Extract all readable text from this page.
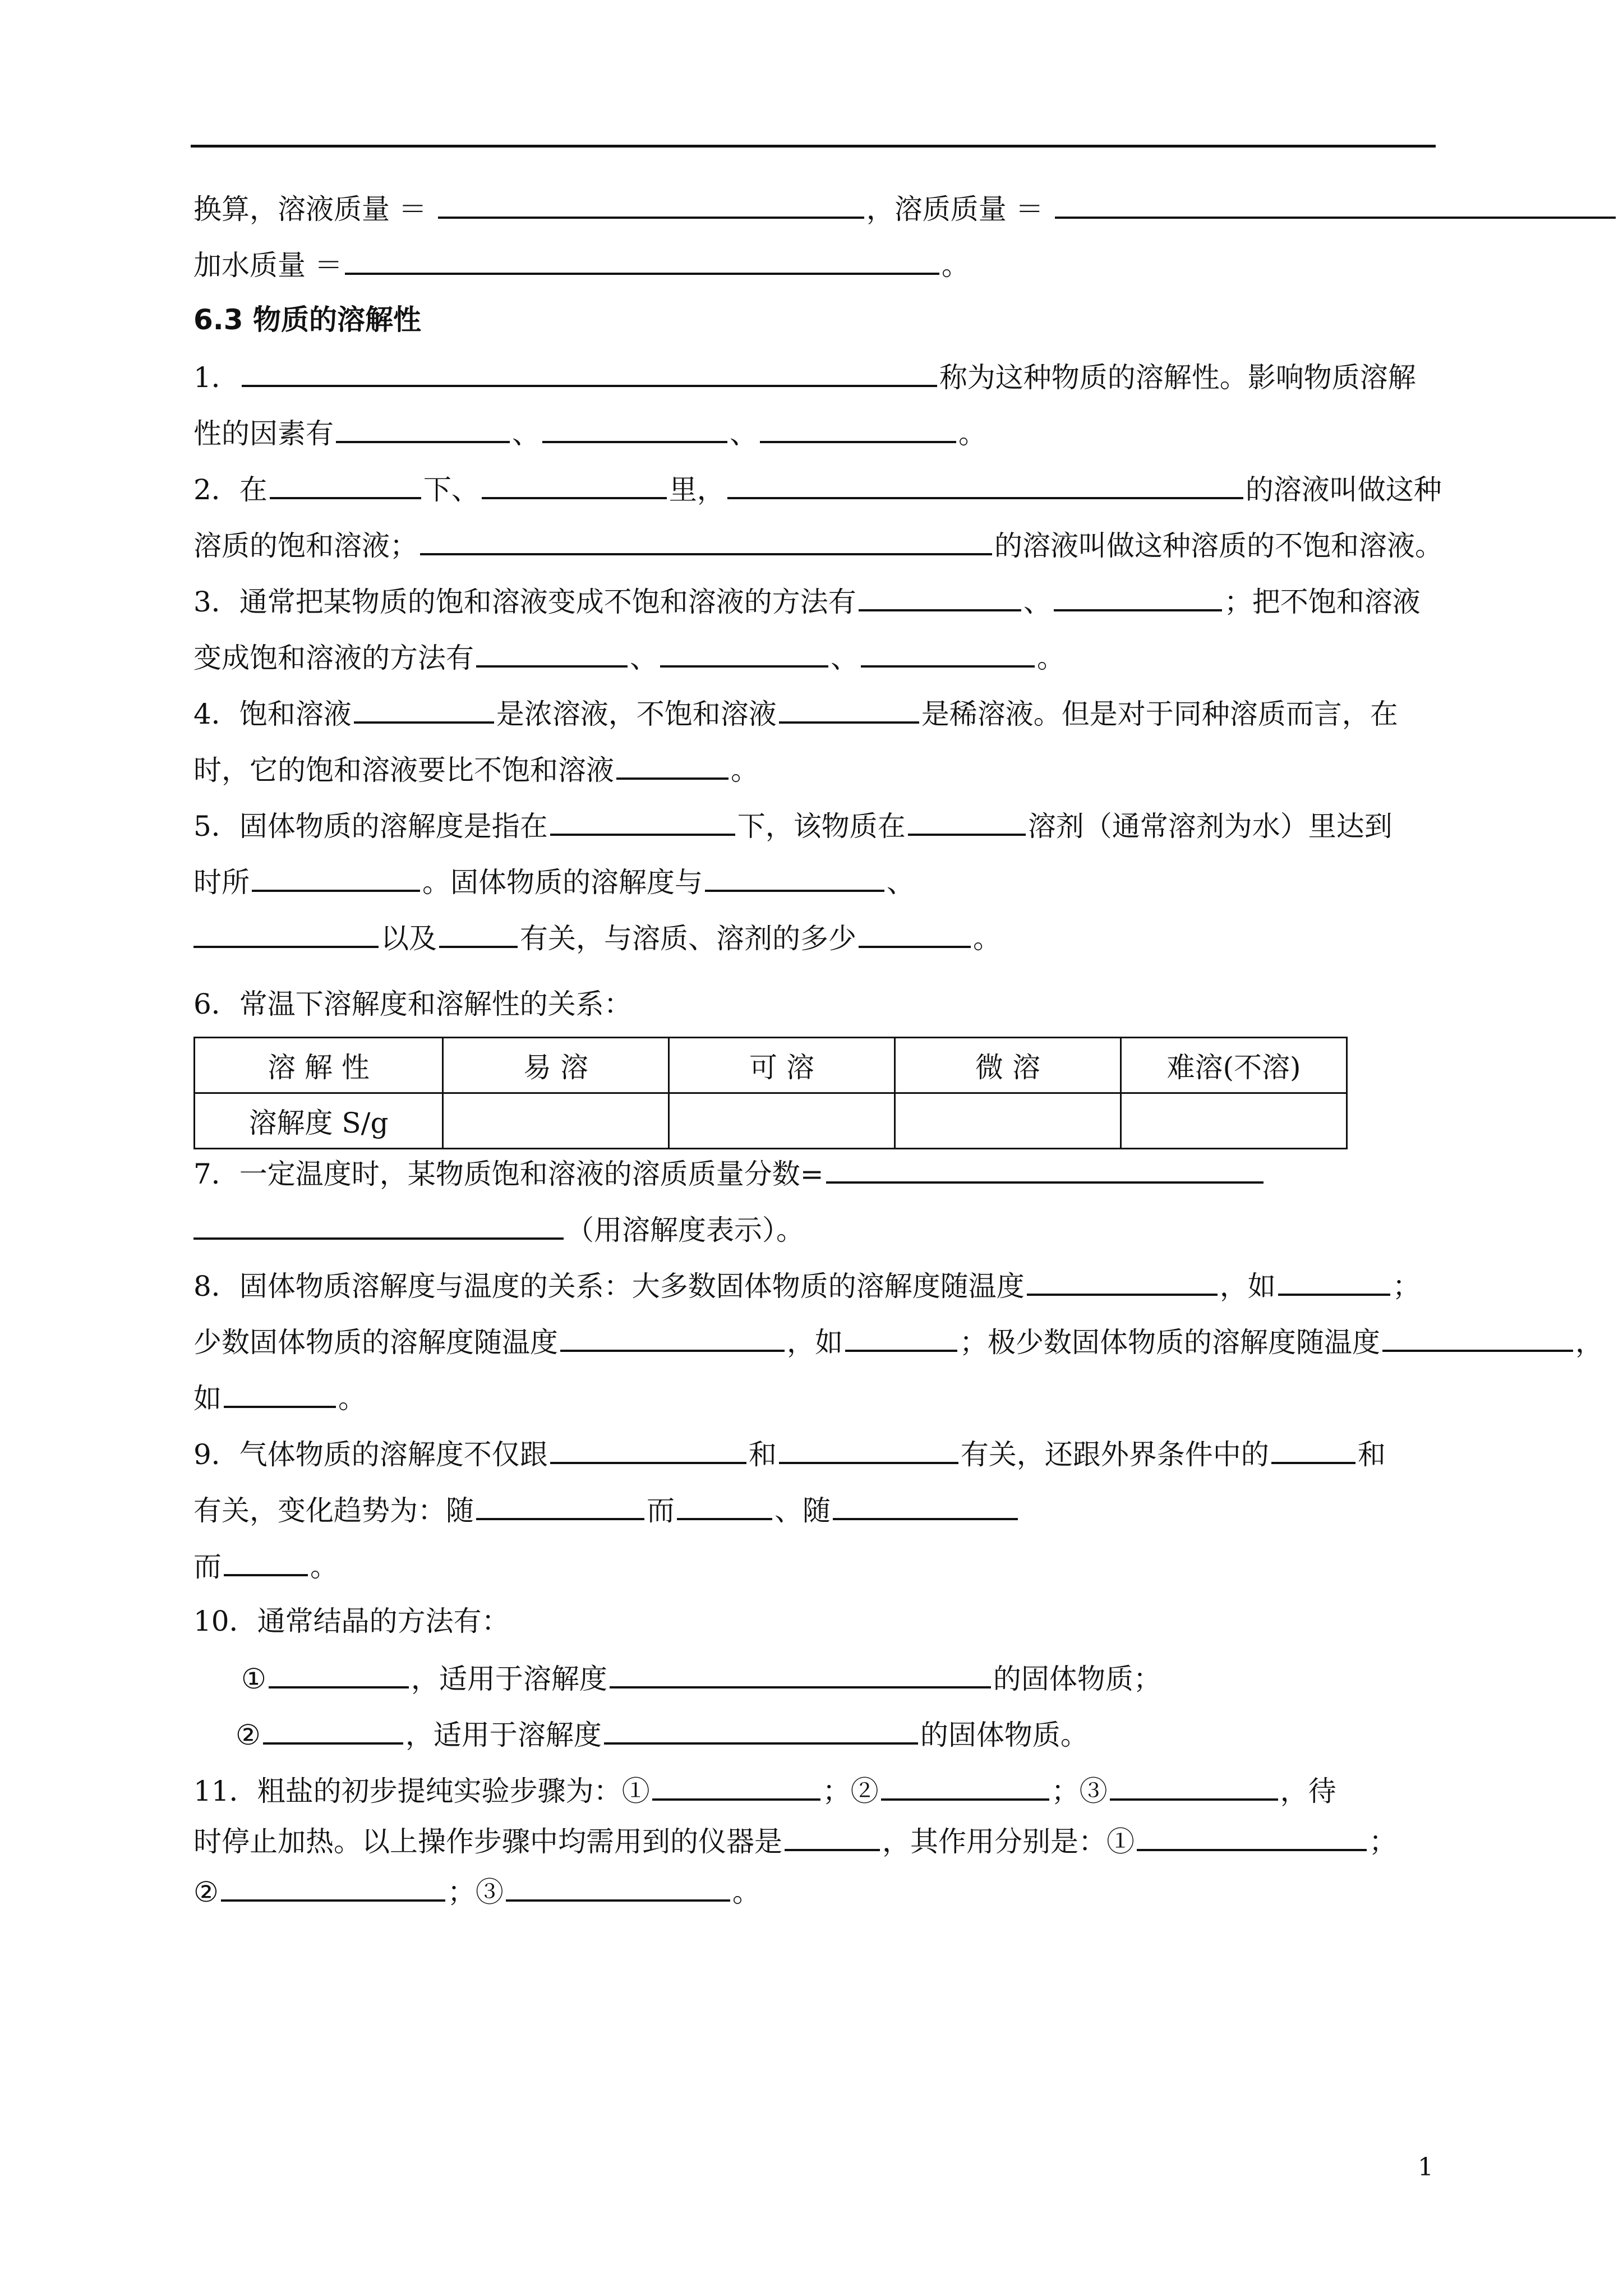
换算，溶液质量 ＝	，溶质质量 ＝
加水质量 ＝	。
6.3 物质的溶解性
1．	称为这种物质的溶解性。影响物质溶解
性的因素有	、	、	。
2．在	下、	里，	的溶液叫做这种
溶质的饱和溶液；	的溶液叫做这种溶质的不饱和溶液。
3．通常把某物质的饱和溶液变成不饱和溶液的方法有	、	；把不饱和溶液
变成饱和溶液的方法有	、	、	。
4．饱和溶液	是浓溶液，不饱和溶液	是稀溶液。但是对于同种溶质而言，在
时，它的饱和溶液要比不饱和溶液	。
5．固体物质的溶解度是指在	下，该物质在	溶剂（通常溶剂为水）里达到
时所	。固体物质的溶解度与	、
以及	有关，与溶质、溶剂的多少	。
6．常温下溶解度和溶解性的关系：
溶 解 性	易 溶	可 溶	微 溶	难溶(不溶)
溶解度 S/g				
7．一定温度时，某物质饱和溶液的溶质质量分数=
（用溶解度表示）。
8．固体物质溶解度与温度的关系：大多数固体物质的溶解度随温度	，如	；
少数固体物质的溶解度随温度	，如	；极少数固体物质的溶解度随温度	，
如	。
9．气体物质的溶解度不仅跟	和	有关，还跟外界条件中的	和
有关，变化趋势为：随	而	、随
而	。
10．通常结晶的方法有：
①	，适用于溶解度	的固体物质；
②	，适用于溶解度	的固体物质。
11．粗盐的初步提纯实验步骤为：①	；②	；③	，待
时停止加热。以上操作步骤中均需用到的仪器是	，其作用分别是：①	；
②	；③	。
1
